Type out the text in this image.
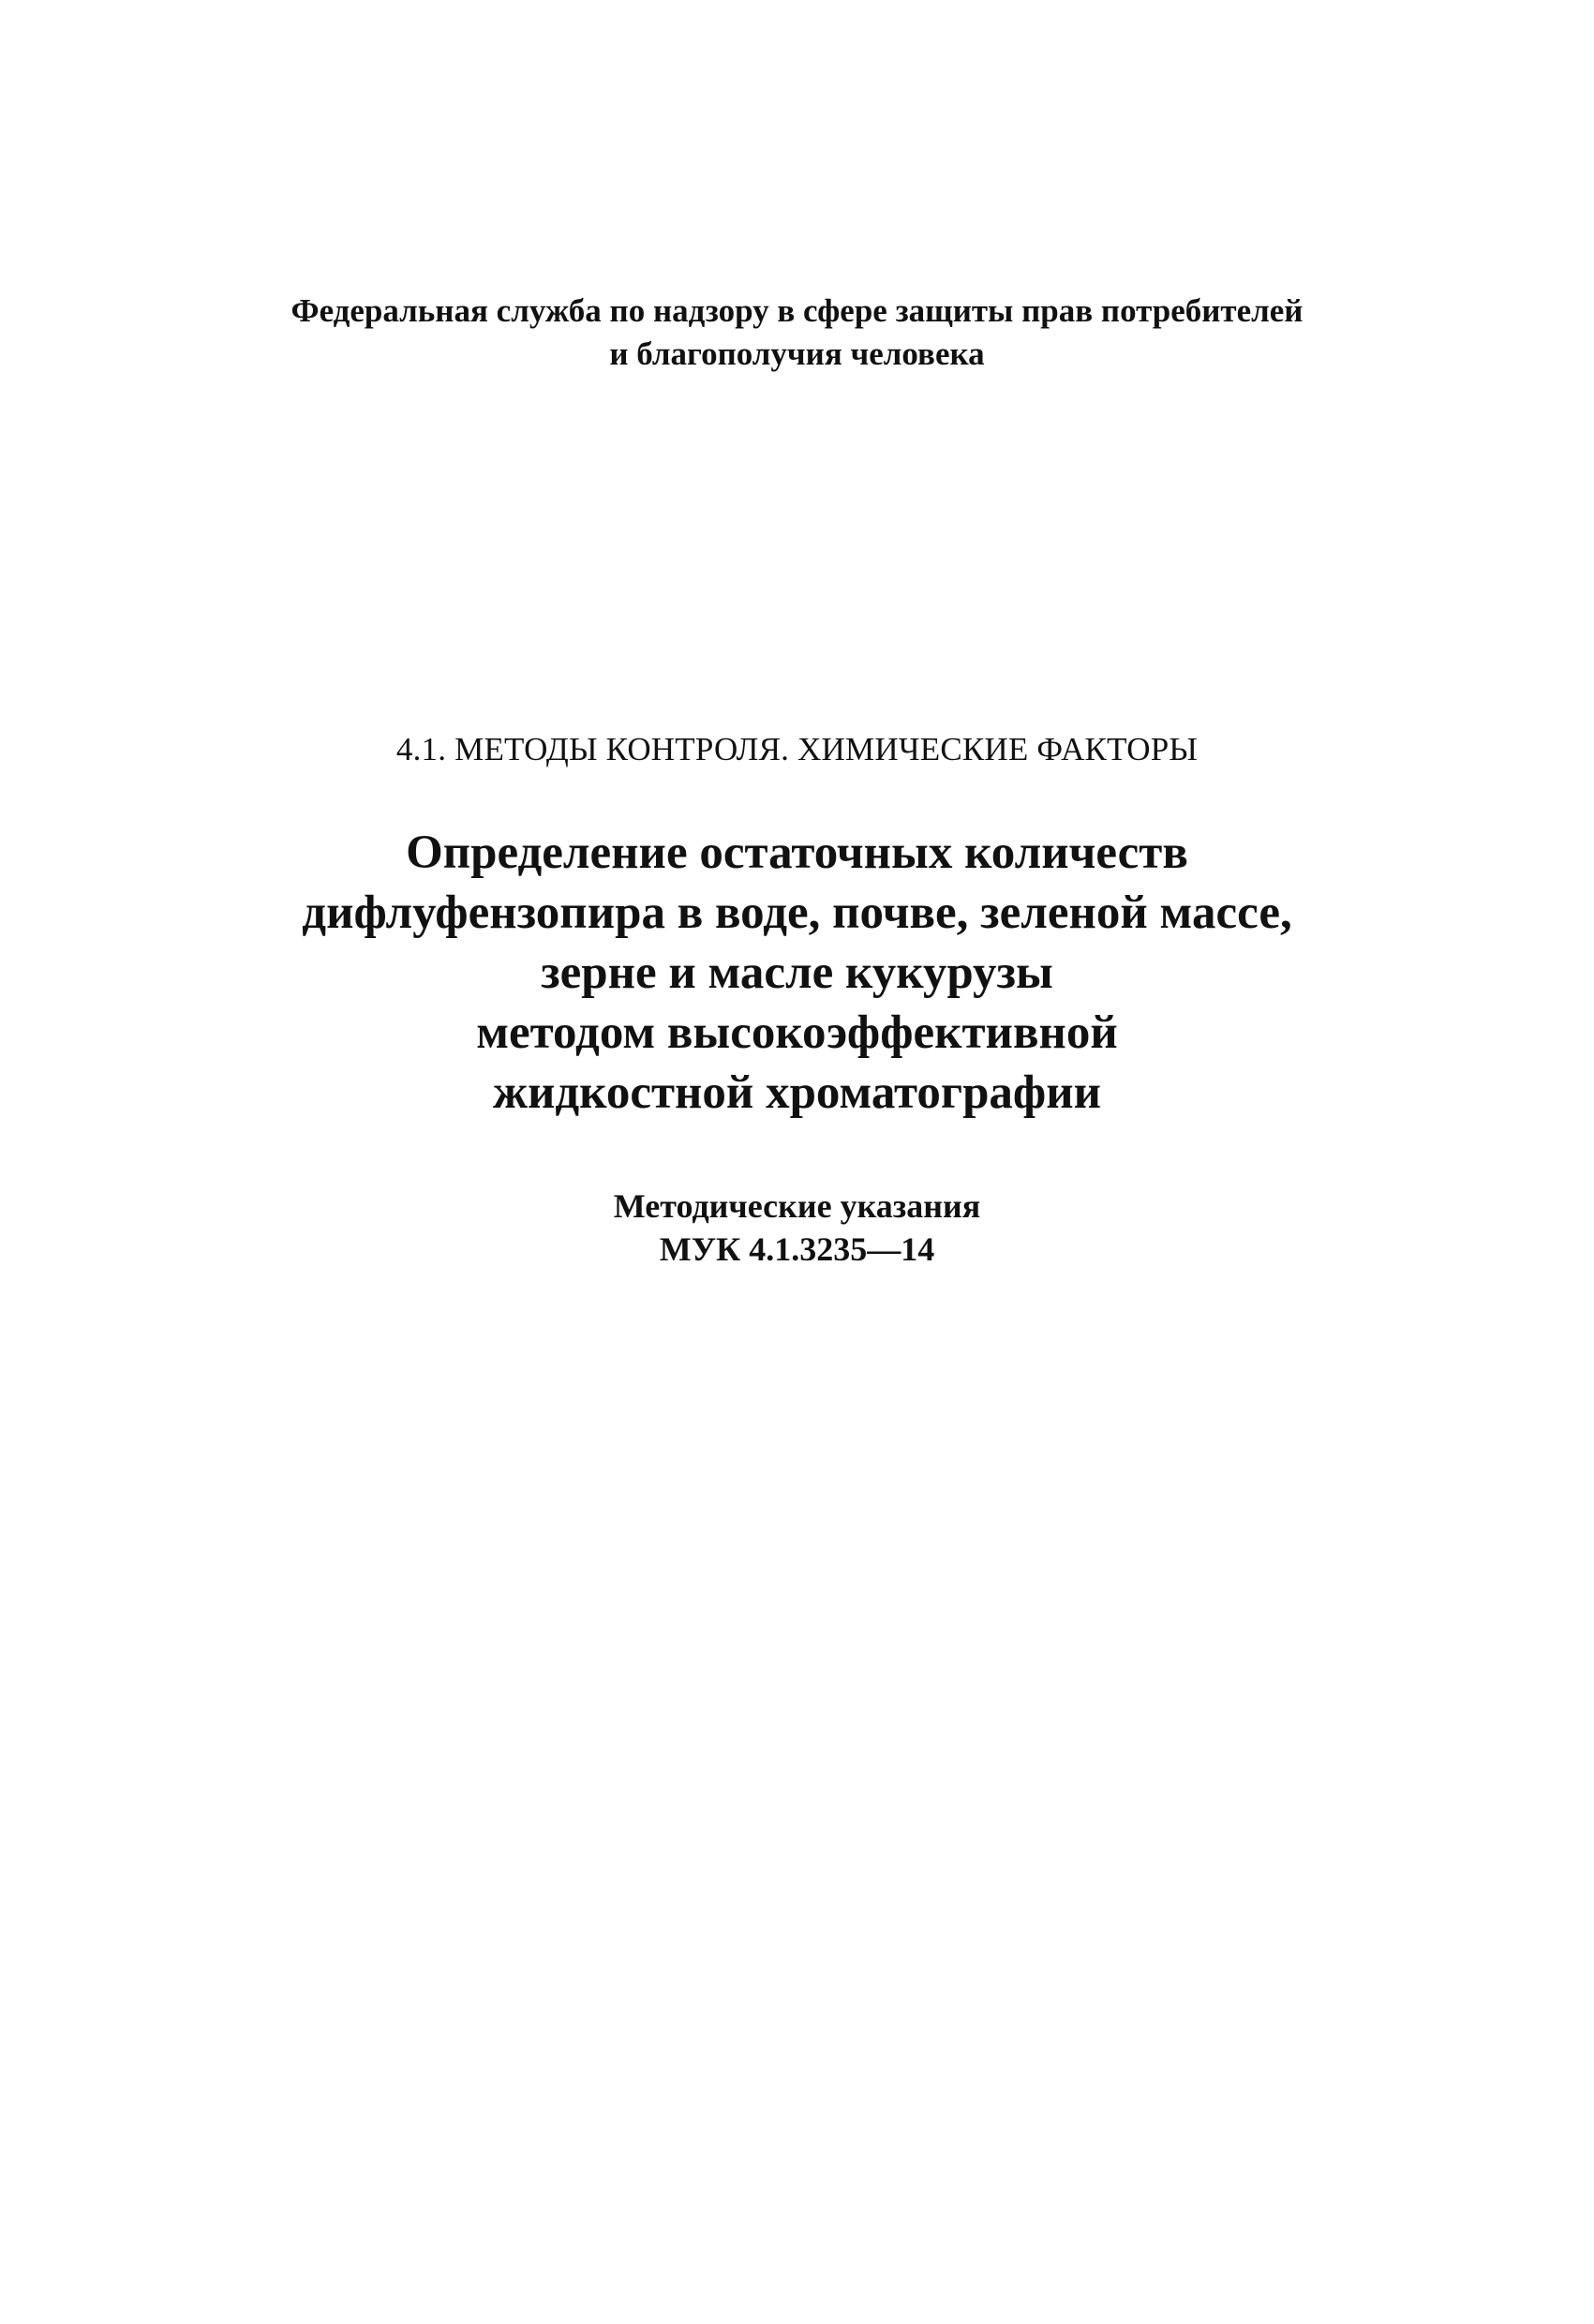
Федеральная служба по надзору в сфере защиты прав потребителей

и благополучия человека

4.1. МЕТОДЫ КОНТРОЛЯ. ХИМИЧЕСКИЕ ФАКТОРЫ

Определение остаточных количеств
дифлуфензопира в воде, почве, зеленой массе,
зерне и масле кукурузы
методом высокоэффективной
жидкостной хроматографии

Методические указания

МУК 4.1.3235—14
